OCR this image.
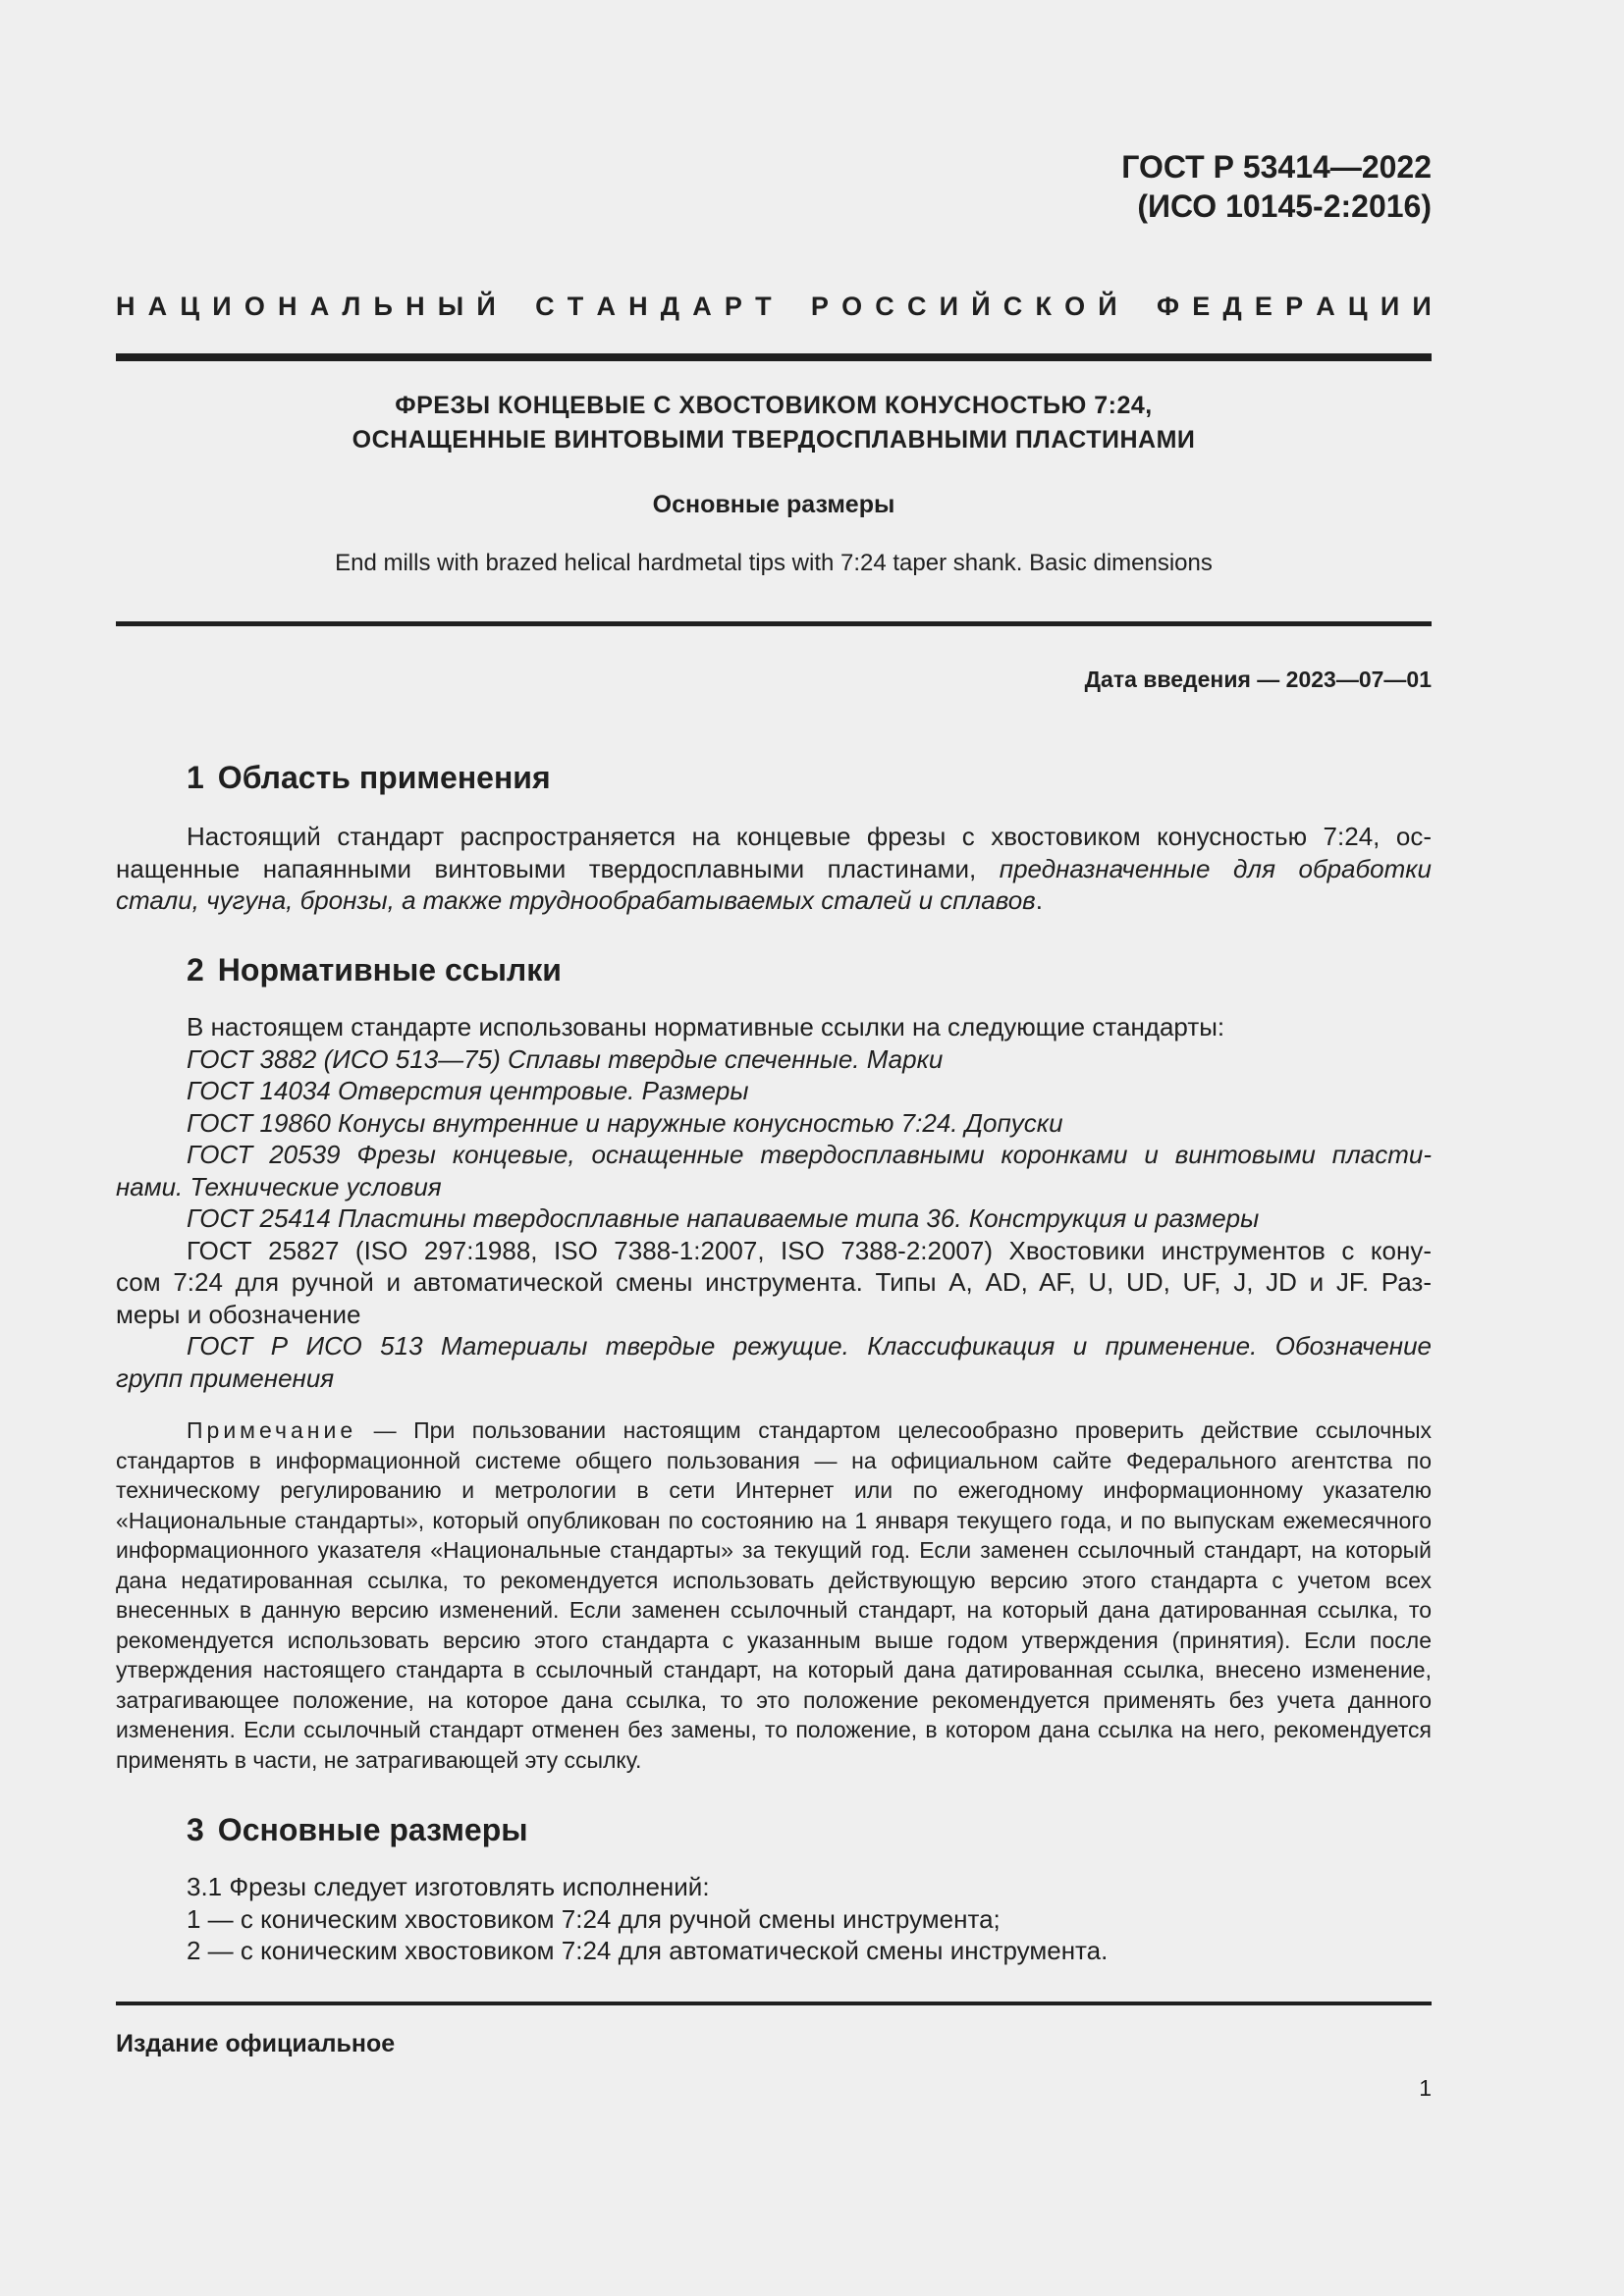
ГОСТ Р 53414—2022
(ИСО 10145-2:2016)
Н А Ц И О Н А Л Ь Н Ы Й
С Т А Н Д А Р Т
Р О С С И Й С К О Й
Ф Е Д Е Р А Ц И И
ФРЕЗЫ КОНЦЕВЫЕ С ХВОСТОВИКОМ КОНУСНОСТЬЮ 7:24,
ОСНАЩЕННЫЕ ВИНТОВЫМИ ТВЕРДОСПЛАВНЫМИ ПЛАСТИНАМИ
Основные размеры
End mills with brazed helical hardmetal tips with 7:24 taper shank. Basic dimensions
Дата введения — 2023—07—01
1 Область применения
Настоящий стандарт распространяется на концевые фрезы с хвостовиком конусностью 7:24, ос-
нащенные напаянными винтовыми твердосплавными пластинами, предназначенные для обработки
стали, чугуна, бронзы, а также труднообрабатываемых сталей и сплавов.
2 Нормативные ссылки
В настоящем стандарте использованы нормативные ссылки на следующие стандарты:
ГОСТ 3882 (ИСО 513—75) Сплавы твердые спеченные. Марки
ГОСТ 14034 Отверстия центровые. Размеры
ГОСТ 19860 Конусы внутренние и наружные конусностью 7:24. Допуски
ГОСТ 20539 Фрезы концевые, оснащенные твердосплавными коронками и винтовыми пласти-
нами. Технические условия
ГОСТ 25414 Пластины твердосплавные напаиваемые типа 36. Конструкция и размеры
ГОСТ 25827 (ISO 297:1988, ISO 7388-1:2007, ISO 7388-2:2007) Хвостовики инструментов с кону-
сом 7:24 для ручной и автоматической смены инструмента. Типы А, AD, AF, U, UD, UF, J, JD и JF. Раз-
меры и обозначение
ГОСТ Р ИСО 513 Материалы твердые режущие. Классификация и применение. Обозначение
групп применения
Примечание — При пользовании настоящим стандартом целесообразно проверить действие ссылочных стандартов в информационной системе общего пользования — на официальном сайте Федерального агентства по техническому регулированию и метрологии в сети Интернет или по ежегодному информационному указателю «Национальные стандарты», который опубликован по состоянию на 1 января текущего года, и по выпускам ежемесячного информационного указателя «Национальные стандарты» за текущий год. Если заменен ссылочный стандарт, на который дана недатированная ссылка, то рекомендуется использовать действующую версию этого стандарта с учетом всех внесенных в данную версию изменений. Если заменен ссылочный стандарт, на который дана датированная ссылка, то рекомендуется использовать версию этого стандарта с указанным выше годом утверждения (принятия). Если после утверждения настоящего стандарта в ссылочный стандарт, на который дана датированная ссылка, внесено изменение, затрагивающее положение, на которое дана ссылка, то это положение рекомендуется применять без учета данного изменения. Если ссылочный стандарт отменен без замены, то положение, в котором дана ссылка на него, рекомендуется применять в части, не затрагивающей эту ссылку.
3 Основные размеры
3.1 Фрезы следует изготовлять исполнений:
1 — с коническим хвостовиком 7:24 для ручной смены инструмента;
2 — с коническим хвостовиком 7:24 для автоматической смены инструмента.
Издание официальное
1
